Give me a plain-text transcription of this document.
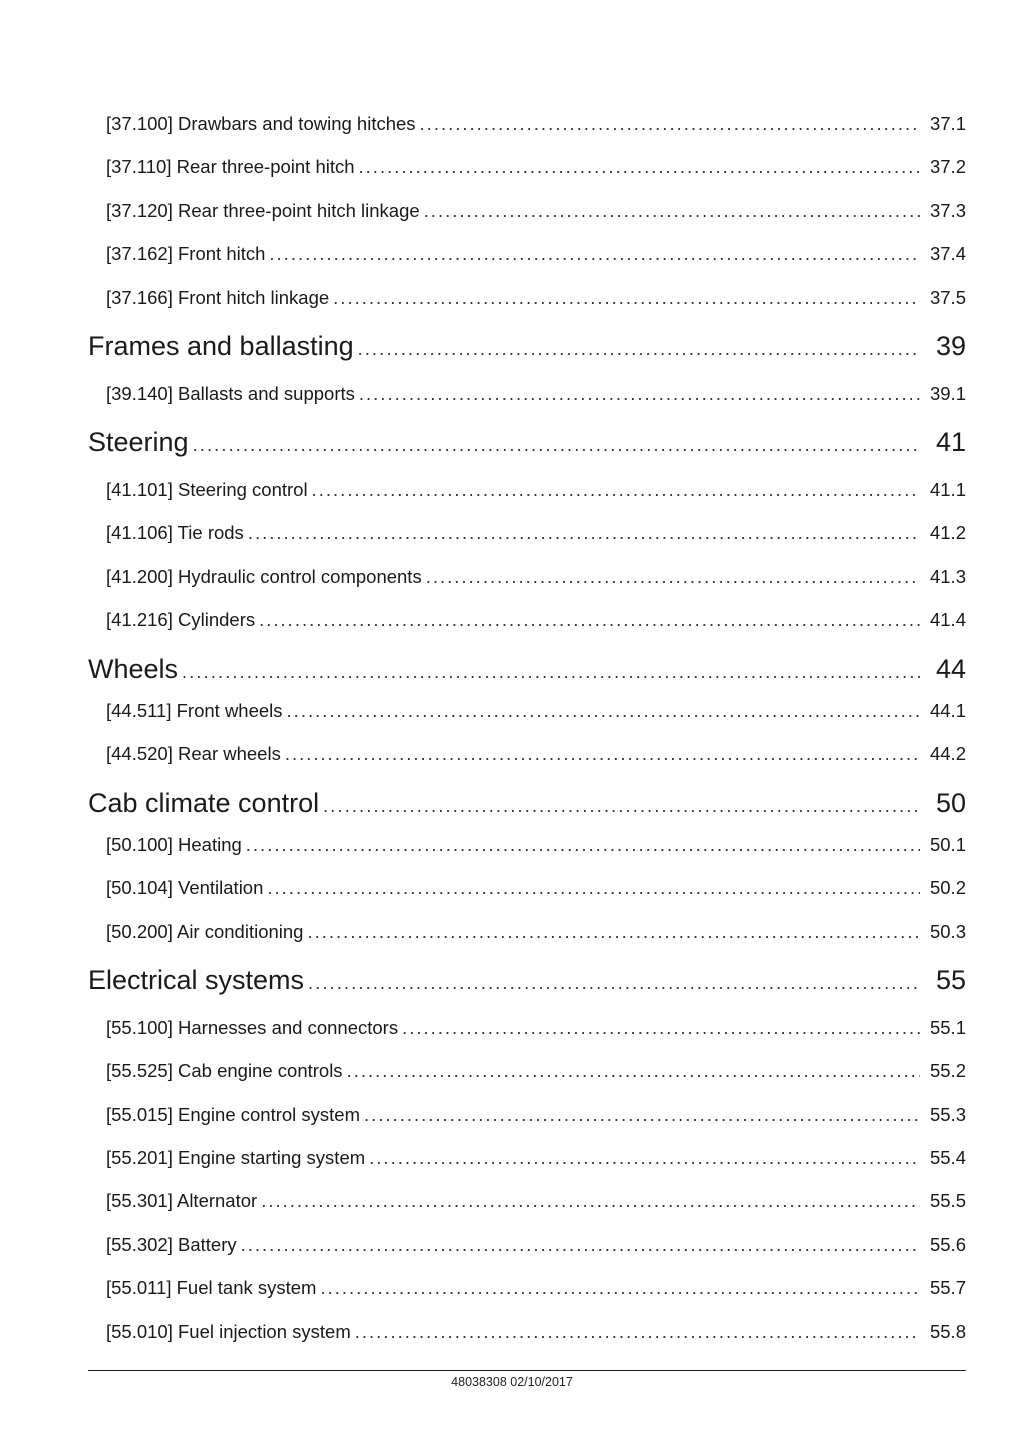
[37.100] Drawbars and towing hitches .....	37.1
[37.110] Rear three-point hitch .....	37.2
[37.120] Rear three-point hitch linkage .....	37.3
[37.162] Front hitch .....	37.4
[37.166] Front hitch linkage .....	37.5
Frames and ballasting .....	39
[39.140] Ballasts and supports .....	39.1
Steering .....	41
[41.101] Steering control .....	41.1
[41.106] Tie rods .....	41.2
[41.200] Hydraulic control components .....	41.3
[41.216] Cylinders .....	41.4
Wheels .....	44
[44.511] Front wheels .....	44.1
[44.520] Rear wheels .....	44.2
Cab climate control .....	50
[50.100] Heating .....	50.1
[50.104] Ventilation .....	50.2
[50.200] Air conditioning .....	50.3
Electrical systems .....	55
[55.100] Harnesses and connectors .....	55.1
[55.525] Cab engine controls .....	55.2
[55.015] Engine control system .....	55.3
[55.201] Engine starting system .....	55.4
[55.301] Alternator .....	55.5
[55.302] Battery .....	55.6
[55.011] Fuel tank system .....	55.7
[55.010] Fuel injection system .....	55.8
48038308 02/10/2017
